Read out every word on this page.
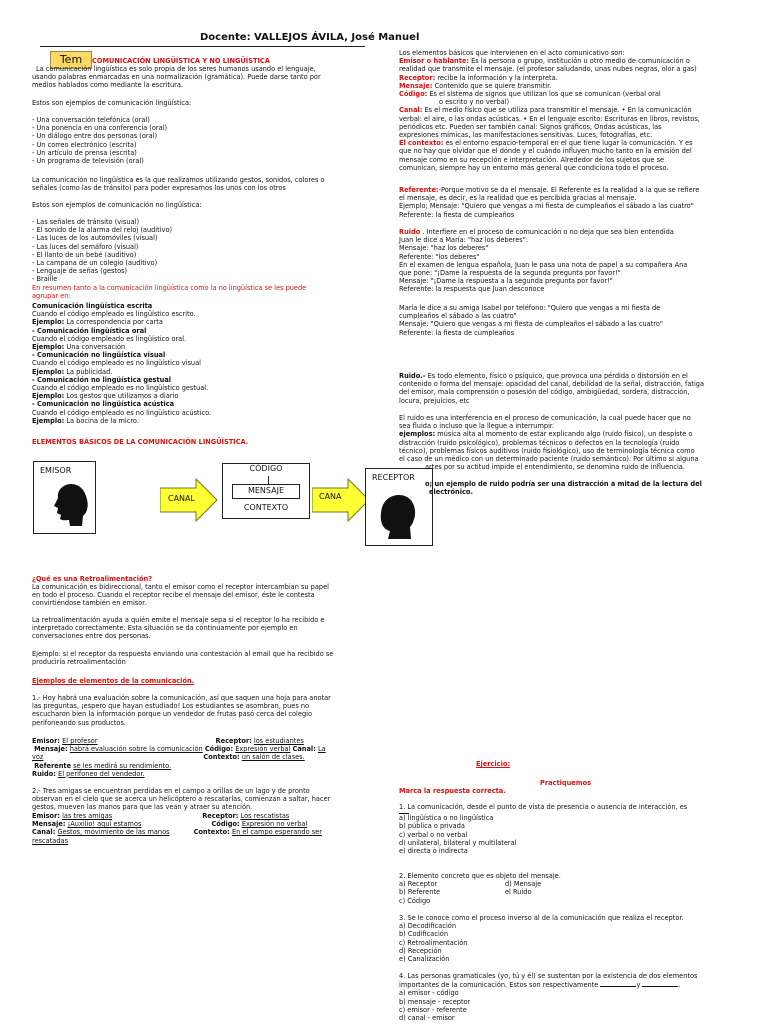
Docente: VALLEJOS ÁVILA, José Manuel
Tem	COMUNICACIÓN LINGÜÍSTICA Y NO LINGÜÍSTICA
La comunicación lingüística es solo propia de los seres humanos usando el lenguaje,
usando palabras enmarcadas en una normalización (gramática). Puede darse tanto por
medios hablados como mediante la escritura.
Estos son ejemplos de comunicación lingüística:
- Una conversación telefónica (oral)
- Una ponencia en una conferencia (oral)
- Un diálogo entre dos personas (oral)
- Un correo electrónico (escrita)
- Un artículo de prensa (escrita)
- Un programa de televisión (oral)
La comunicación no lingüística es la que realizamos utilizando gestos, sonidos, colores o
señales (como las de tránsito) para poder expresarnos los unos con los otros
Estos son ejemplos de comunicación no lingüística:
- Las señales de tránsito (visual)
- El sonido de la alarma del reloj (auditivo)
- Las luces de los automóviles (visual)
- Las luces del semáforo (visual)
- El llanto de un bebé (auditivo)
- La campana de un colegio (auditivo)
- Lenguaje de señas (gestos)
- Braille
En resumen tanto a la comunicación lingüística como la no lingüística se les puede
agrupar en:
Comunicación lingüística escrita
Cuando el código empleado es lingüístico escrito.
Ejemplo: La correspondencia por carta
- Comunicación lingüística oral
Cuando el código empleado es lingüístico oral.
Ejemplo: Una conversación
- Comunicación no lingüística visual
Cuando el código empleado es no lingüístico visual
Ejemplo: La publicidad.
- Comunicación no lingüística gestual
Cuando el código empleado es no lingüístico gestual.
Ejemplo: Los gestos que utilizamos a diario
- Comunicación no lingüística acústica
Cuando el código empleado es no lingüístico acústico.
Ejemplo: La bocina de la micro.
ELEMENTOS BÁSICOS DE LA COMUNICACIÓN LINGÜÍSTICA.
EMISOR
CANAL
CÓDIGO
MENSAJE
CONTEXTO
CANA
RECEPTOR
¿Qué es una Retroalimentación?
La comunicación es bidireccional, tanto el emisor como el receptor intercambian su papel
en todo el proceso. Cuando el receptor recibe el mensaje del emisor, éste le contesta
convirtiéndose también en emisor.
La retroalimentación ayuda a quién emite el mensaje sepa si el receptor lo ha recibido e
interpretado correctamente. Esta situación se da continuamente por ejemplo en
conversaciones entre dos personas.
Ejemplo: si el receptor da respuesta enviando una contestación al email que ha recibido se
produciría retroalimentación
Ejemplos de elementos de la comunicación.
1.- Hoy habrá una evaluación sobre la comunicación, así que saquen una hoja para anotar
las preguntas, ¡espero que hayan estudiado! Los estudiantes se asombran, pues no
escucharon bien la información porque un vendedor de frutas pasó cerca del colegio
perifoneando sus productos.
Emisor: El profesor	Receptor: los estudiantes
Mensaje: habrá evaluación sobre la comunicación Código: Expresión verbal Canal: La
voz	Contexto: un salón de clases.
Referente se les medirá su rendimiento.
Ruido: El perifoneo del vendedor.
2.- Tres amigas se encuentran perdidas en el campo a orillas de un lago y de pronto
observan en el cielo que se acerca un helicóptero a rescatarlas, comienzan a saltar, hacer
gestos, mueven las manos para que las vean y atraer su atención.
Emisor: las tres amigas	Receptor: Los rescatistas
Mensaje: ¡Auxilio! aquí estamos	Código: Expresión no verbal
Canal: Gestos, movimiento de las manos	Contexto: En el campo esperando ser
rescatadas
Los elementos básicos que intervienen en el acto comunicativo son:
Emisor o hablante: Es la persona o grupo, institución u otro medio de comunicación o
realidad que transmite el mensaje. (el profesor saludando, unas nubes negras, olor a gas)
Receptor: recibe la información y la interpreta.
Mensaje: Contenido que se quiere transmitir.
Código: Es el sistema de signos que utilizan los que se comunican (verbal oral
o escrito y no verbal)
Canal: Es el medio físico que se utiliza para transmitir el mensaje. • En la comunicación
verbal: el aire, o las ondas acústicas. • En el lenguaje escrito: Escrituras en libros, revistos,
periódicos etc. Pueden ser también canal: Signos gráficos, Ondas acústicas, las
expresiones mímicas, las manifestaciones sensitivas. Luces, fotografías, etc.
El contexto: es el entorno espacio-temporal en el que tiene lugar la comunicación. Y es
que no hay que olvidar que el dónde y el cuándo influyen mucho tanto en la emisión del
mensaje como en su recepción e interpretación. Alrededor de los sujetos que se
comunican, siempre hay un entorno más general que condiciona todo el proceso.
Referente:-Porque motivo se da el mensaje. El Referente es la realidad a la que se refiere
el mensaje, es decir, es la realidad que es percibida gracias al mensaje.
Ejemplo; Mensaje: "Quiero que vengas a mi fiesta de cumpleaños el sábado a las cuatro"
Referente: la fiesta de cumpleaños
Ruido . Interfiere en el proceso de comunicación o no deja que sea bien entendida
Juan le dice a María: "haz los deberes":
Mensaje: "haz los deberes"
Referente: "los deberes"
En el examen de lengua española, Juan le pasa una nota de papel a su compañera Ana
que pone: "¡Dame la respuesta de la segunda pregunta por favor!"
Mensaje: "¡Dame la respuesta a la segunda pregunta por favor!"
Referente: la respuesta que Juan desconoce
María le dice a su amiga Isabel por teléfono: "Quiero que vengas a mi fiesta de
cumpleaños el sábado a las cuatro"
Mensaje: "Quiero que vengas a mi fiesta de cumpleaños el sábado a las cuatro"
Referente: la fiesta de cumpleaños
Ruido.- Es todo elemento, físico o psíquico, que provoca una pérdida o distorsión en el
contenido o forma del mensaje: opacidad del canal, debilidad de la señal, distracción, fatiga
del emisor, mala comprensión o posesión del código, ambigüedad, sordera, distracción,
locura, prejuicios, etc
El ruido es una interferencia en el proceso de comunicación, la cual puede hacer que no
sea fluida o incluso que la llegue a interrumpir.
ejemplos: música alta al momento de estar explicando algo (ruido físico), un despiste o
distracción (ruido psicológico), problemas técnicos o defectos en la tecnología (ruido
técnico), problemas físicos auditivos (ruido fisiológico), uso de terminología técnica como
el caso de un médico con un determinado paciente (ruido semántico). Por último si alguna
artes por su actitud impide el entendimiento, se denomina ruido de influencia.
o; un ejemplo de ruido podría ser una distracción a mitad de la lectura del
electrónico.
Ejercicio:
Practiquemos
Marca la respuesta correcta.
1. La comunicación, desde el punto de vista de presencia o ausencia de interacción, es
a) lingüística o no lingüística
b) pública o privada
c) verbal o no verbal
d) unilateral, bilateral y multilateral
e) directa o indirecta
2. Elemento concreto que es objeto del mensaje.
a) Receptor	d) Mensaje
b) Referente	el Ruido
c) Código
3. Se le conoce como el proceso inverso al de la comunicación que realiza el receptor.
a) Decodificación
b) Codificación
c) Retroalimentación
d) Recepción
e) Canalización
4. Las personas gramaticales (yo, tú y él) se sustentan por la existencia de dos elementos
importantes de la comunicación. Estos son respectivamente	y	.
a) emisor - código
b) mensaje - receptor
c) emisor - referente
d) canal - emisor
